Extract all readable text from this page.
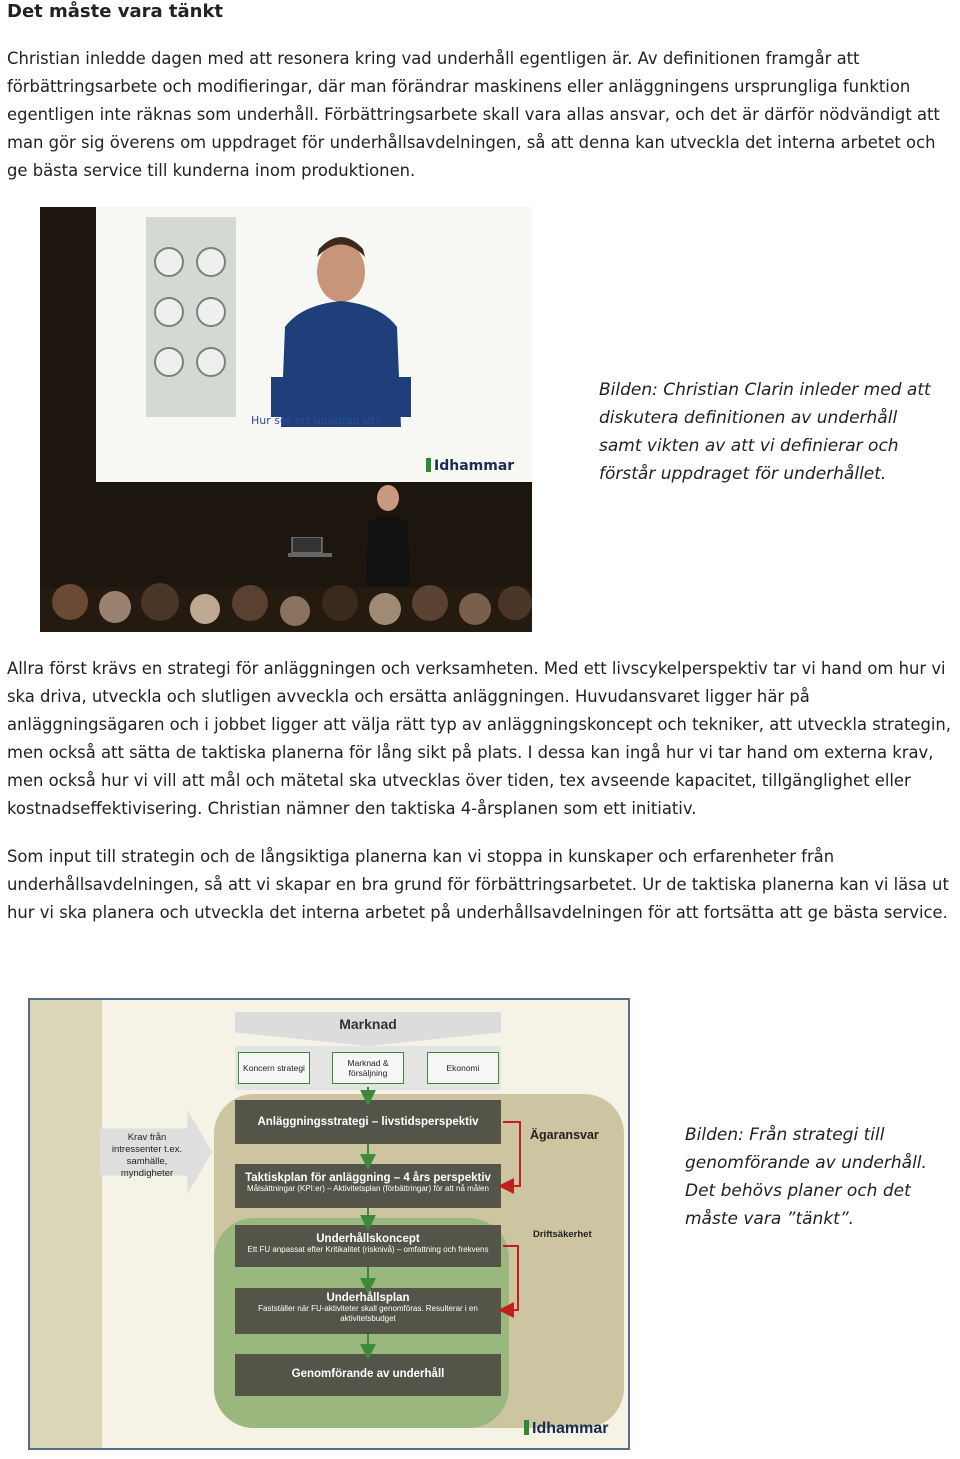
Det måste vara tänkt

Christian inledde dagen med att resonera kring vad underhåll egentligen är. Av definitionen framgår att förbättringsarbete och modifieringar, där man förändrar maskinens eller anläggningens ursprungliga funktion egentligen inte räknas som underhåll. Förbättringsarbete skall vara allas ansvar, och det är därför nödvändigt att man gör sig överens om uppdraget för underhållsavdelningen, så att denna kan utveckla det interna arbetet och ge bästa service till kunderna inom produktionen.

Hur ser ert uppdrag ut?
Idhammar
Bilden: Christian Clarin inleder med att diskutera definitionen av underhåll samt vikten av att vi definierar och förstår uppdraget för underhållet.

Allra först krävs en strategi för anläggningen och verksamheten. Med ett livscykelperspektiv tar vi hand om hur vi ska driva, utveckla och slutligen avveckla och ersätta anläggningen. Huvudansvaret ligger här på anläggningsägaren och i jobbet ligger att välja rätt typ av anläggningskoncept och tekniker, att utveckla strategin, men också att sätta de taktiska planerna för lång sikt på plats. I dessa kan ingå hur vi tar hand om externa krav, men också hur vi vill att mål och mätetal ska utvecklas över tiden, tex avseende kapacitet, tillgänglighet eller kostnadseffektivisering. Christian nämner den taktiska 4-årsplanen som ett initiativ.

Som input till strategin och de långsiktiga planerna kan vi stoppa in kunskaper och erfarenheter från underhållsavdelningen, så att vi skapar en bra grund för förbättringsarbetet. Ur de taktiska planerna kan vi läsa ut hur vi ska planera och utveckla det interna arbetet på underhållsavdelningen för att fortsätta att ge bästa service.

Marknad
Koncern strategi	Marknad & försäljning	Ekonomi
Krav från intressenter t.ex. samhälle, myndigheter
Anläggningsstrategi – livstidsperspektiv
Taktiskplan för anläggning – 4 års perspektiv
Målsättningar (KPI:er) – Aktivitetsplan (förbättringar) för att nå målen
Underhållskoncept
Ett FU anpassat efter Kritikalitet (risknivå) – omfattning och frekvens
Underhållsplan
Fastställer när FU-aktiviteter skall genomföras. Resulterar i en aktivitetsbudget
Genomförande av underhåll
Ägaransvar
Driftsäkerhet
Idhammar
Bilden: Från strategi till genomförande av underhåll. Det behövs planer och det måste vara ”tänkt”.
